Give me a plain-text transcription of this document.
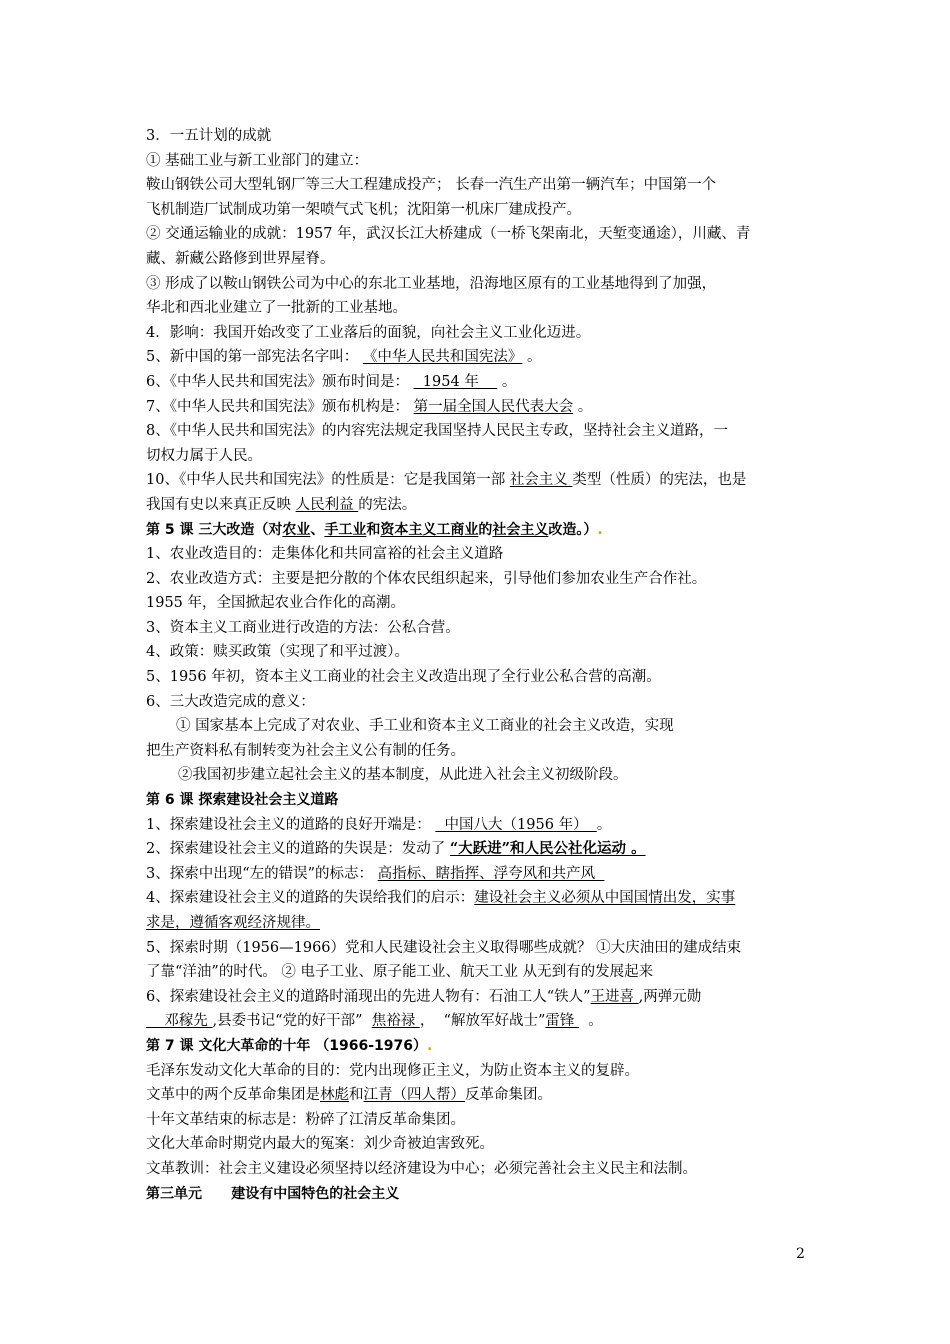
3．一五计划的成就
① 基础工业与新工业部门的建立：
鞍山钢铁公司大型轧钢厂等三大工程建成投产； 长春一汽生产出第一辆汽车；中国第一个
飞机制造厂试制成功第一架喷气式飞机；沈阳第一机床厂建成投产。
② 交通运输业的成就：1957 年，武汉长江大桥建成（一桥飞架南北，天堑变通途），川藏、青
藏、新藏公路修到世界屋脊。
③ 形成了以鞍山钢铁公司为中心的东北工业基地，沿海地区原有的工业基地得到了加强，
华北和西北业建立了一批新的工业基地。
4．影响：我国开始改变了工业落后的面貌，向社会主义工业化迈进。
5、新中国的第一部宪法名字叫： 《中华人民共和国宪法》 。
6、《中华人民共和国宪法》颁布时间是：   1954 年     。
7、《中华人民共和国宪法》颁布机构是： 第一届全国人民代表大会 。
8、《中华人民共和国宪法》的内容宪法规定我国坚持人民民主专政，坚持社会主义道路，一
切权力属于人民。
10、《中华人民共和国宪法》的性质是：它是我国第一部 社会主义 类型（性质）的宪法，也是
我国有史以来真正反映 人民利益 的宪法。
第 5 课 三大改造（对农业、手工业和资本主义工商业的社会主义改造。）.
1、农业改造目的：走集体化和共同富裕的社会主义道路
2、农业改造方式：主要是把分散的个体农民组织起来，引导他们参加农业生产合作社。
1955 年，全国掀起农业合作化的高潮。
3、资本主义工商业进行改造的方法：公私合营。
4、政策：赎买政策（实现了和平过渡）。
5、1956 年初，资本主义工商业的社会主义改造出现了全行业公私合营的高潮。
6、三大改造完成的意义：
① 国家基本上完成了对农业、手工业和资本主义工商业的社会主义改造，实现
把生产资料私有制转变为社会主义公有制的任务。
②我国初步建立起社会主义的基本制度，从此进入社会主义初级阶段。
第 6 课 探索建设社会主义道路
1、探索建设社会主义的道路的良好开端是：   中国八大（1956 年）  。
2、探索建设社会主义的道路的失误是：发动了 “大跃进”和人民公社化运动 。
3、探索中出现“左的错误”的标志： 高指标、瞎指挥、浮夸风和共产风
4、探索建设社会主义的道路的失误给我们的启示：建设社会主义必须从中国国情出发，实事
求是，遵循客观经济规律。
5、探索时期（1956—1966）党和人民建设社会主义取得哪些成就？ ①大庆油田的建成结束
了靠“洋油”的时代。 ② 电子工业、原子能工业、航天工业 从无到有的发展起来
6、探索建设社会主义的道路时涌现出的先进人物有：石油工人“铁人”王进喜 ,两弹元勋
邓稼先 ,县委书记“党的好干部”  焦裕禄 ，  “解放军好战士”雷锋   。
第 7 课 文化大革命的十年 （1966-1976）.
毛泽东发动文化大革命的目的：党内出现修正主义，为防止资本主义的复辟。
文革中的两个反革命集团是林彪和江青（四人帮）反革命集团。
十年文革结束的标志是：粉碎了江清反革命集团。
文化大革命时期党内最大的冤案：刘少奇被迫害致死。
文革教训：社会主义建设必须坚持以经济建设为中心；必须完善社会主义民主和法制。
第三单元      建设有中国特色的社会主义
2
